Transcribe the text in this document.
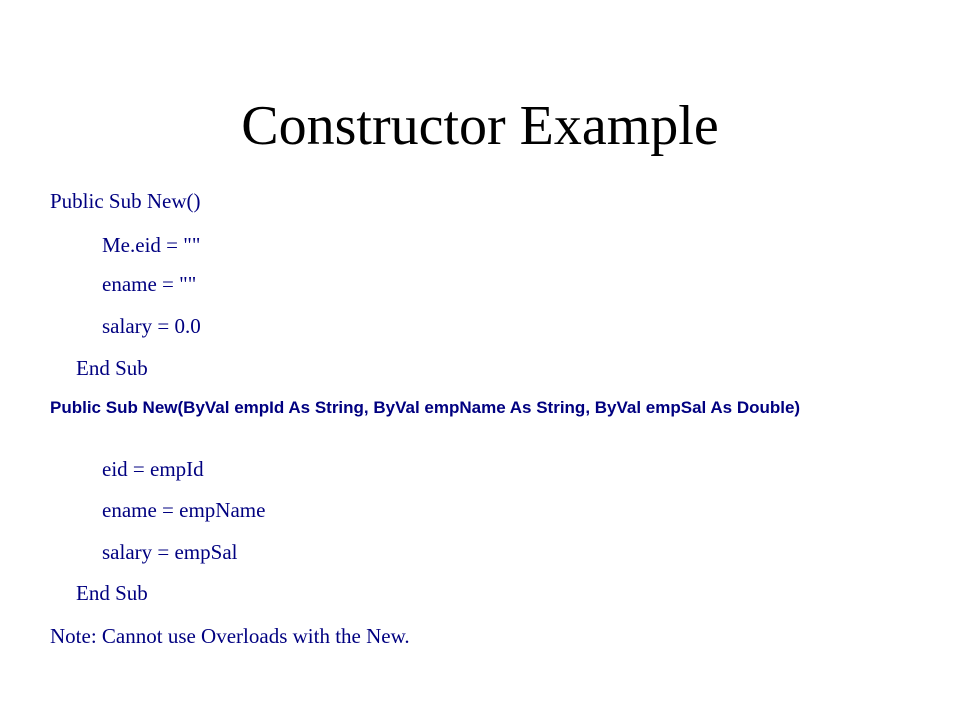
Constructor Example
Public Sub New()
Me.eid = ""
ename = ""
salary = 0.0
End Sub
Public Sub New(ByVal empId As String, ByVal empName As String, ByVal empSal As Double)
eid = empId
ename = empName
salary = empSal
End Sub
Note: Cannot use Overloads with the New.
